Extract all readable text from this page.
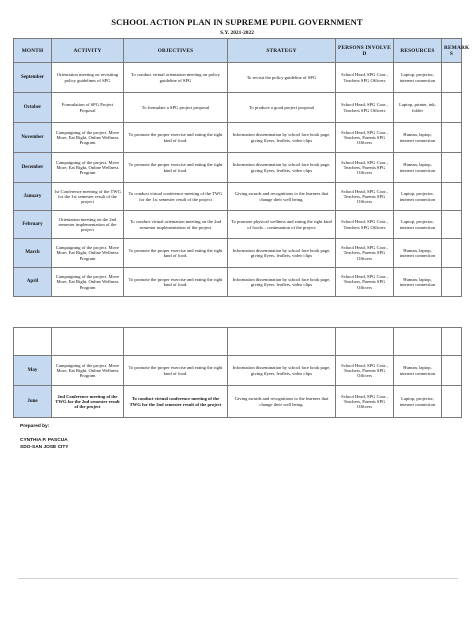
SCHOOL ACTION PLAN IN SUPREME PUPIL GOVERNMENT
S.Y. 2021-2022
MONTH	ACTIVITY	OBJECTIVES	STRATEGY	PERSONS INVOLVE D	RESOURCES	REMARK S
September	Orientation meeting on revisiting policy guidelines of SPG	To conduct virtual orientation meeting on policy guideline of SPG	To revisit the policy guideline of SPG	School Head, SPG Coor., Teachers SPG Officers	Laptop, projector, internet connection	
October	Formulation of SPG Project Proposal	To formulate a SPG project proposal	To produce a good project proposal	School Head, SPG Coor., Teachers SPG Officers	Laptop, printer, ink, folder	
November	Campaigning of the project. Move More, Eat Right, Online Wellness Program	To promote the proper exercise and eating the right kind of food.	Information dissemination by school face book page, giving flyers, leaflets, video clips	School Head, SPG Coor., Teachers, Parents SPG Officers	Human, laptop, internet connection	
December	Campaigning of the project. Move More, Eat Right, Online Wellness Program	To promote the proper exercise and eating the right kind of food.	Information dissemination by school face book page, giving flyers, leaflets, video clips	School Head, SPG Coor., Teachers, Parents SPG Officers	Human, laptop, internet connection	
January	1st Conference meeting of the TWG for the 1st semester result of the project	To conduct virtual conference meeting of the TWG for the 1st semester result of the project	Giving awards and recognitions to the learners that change their well being.	School Head, SPG Coor., Teachers, Parents SPG Officers	Laptop, projector, internet connection	
February	Orientation meeting on the 2nd semester implementation of the project	To conduct virtual orientation meeting on the 2nd semester implementation of the project	To promote physical wellness and eating the right kind of foods... continuation of the project	School Head, SPG Coor., Teachers SPG Officers	Laptop, projector, internet connection	
March	Campaigning of the project. Move More, Eat Right, Online Wellness Program	To promote the proper exercise and eating the right kind of food.	Information dissemination by school face book page, giving flyers, leaflets, video clips	School Head, SPG Coor., Teachers, Parents SPG Officers	Human, laptop, internet connection	
April	Campaigning of the project. Move More, Eat Right, Online Wellness Program	To promote the proper exercise and eating the right kind of food.	Information dissemination by school face book page, giving flyers, leaflets, video clips	School Head, SPG Coor., Teachers, Parents SPG Officers	Human, laptop, internet connection	

May	Campaigning of the project. Move More, Eat Right, Online Wellness Program	To promote the proper exercise and eating the right kind of food.	Information dissemination by school face book page, giving flyers, leaflets, video clips	School Head, SPG Coor., Teachers, Parents SPG Officers	Human, laptop, internet connection	
June	2nd Conference meeting of the TWG for the 2nd semester result of the project	To conduct virtual conference meeting of the TWG for the 2nd semester result of the project	Giving awards and recognitions to the learners that change their well being.	School Head, SPG Coor., Teachers, Parents SPG Officers	Laptop, projector, internet connection	
Prepared by:
CYNTHIA P. PASCUA
SDO-SAN JOSE CITY
